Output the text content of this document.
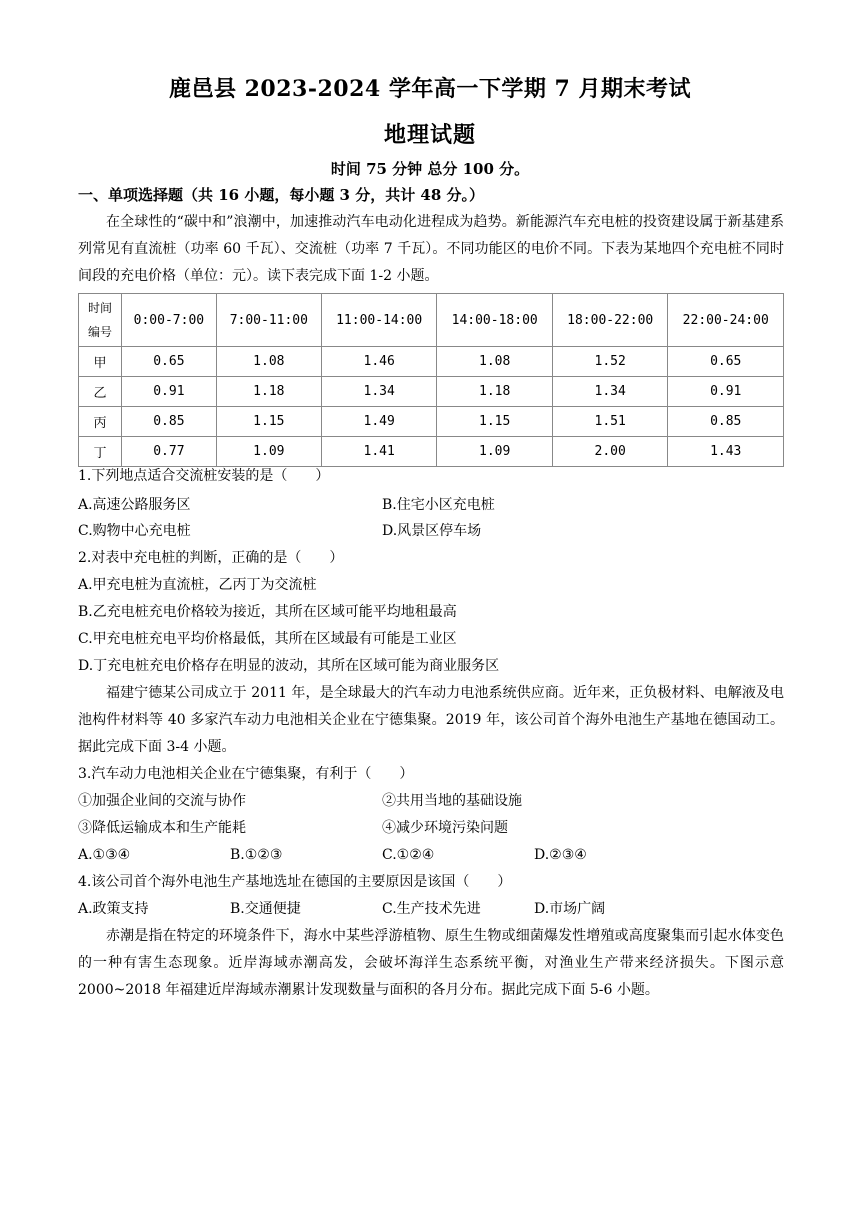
鹿邑县 2023-2024 学年高一下学期 7 月期末考试
地理试题
时间 75 分钟 总分 100 分。
一、单项选择题（共 16 小题，每小题 3 分，共计 48 分。）
在全球性的“碳中和”浪潮中，加速推动汽车电动化进程成为趋势。新能源汽车充电桩的投资建设属于新基建系列常见有直流桩（功率 60 千瓦）、交流桩（功率 7 千瓦）。不同功能区的电价不同。下表为某地四个充电桩不同时间段的充电价格（单位：元）。读下表完成下面 1-2 小题。
时间
编号	0:00-7:00	7:00-11:00	11:00-14:00	14:00-18:00	18:00-22:00	22:00-24:00
甲	0.65	1.08	1.46	1.08	1.52	0.65
乙	0.91	1.18	1.34	1.18	1.34	0.91
丙	0.85	1.15	1.49	1.15	1.51	0.85
丁	0.77	1.09	1.41	1.09	2.00	1.43
1.下列地点适合交流桩安装的是（　　）
A.高速公路服务区	B.住宅小区充电桩
C.购物中心充电桩	D.风景区停车场
2.对表中充电桩的判断，正确的是（　　）
A.甲充电桩为直流桩，乙丙丁为交流桩
B.乙充电桩充电价格较为接近，其所在区域可能平均地租最高
C.甲充电桩充电平均价格最低，其所在区域最有可能是工业区
D.丁充电桩充电价格存在明显的波动，其所在区域可能为商业服务区
福建宁德某公司成立于 2011 年，是全球最大的汽车动力电池系统供应商。近年来，正负极材料、电解液及电池构件材料等 40 多家汽车动力电池相关企业在宁德集聚。2019 年，该公司首个海外电池生产基地在德国动工。据此完成下面 3-4 小题。
3.汽车动力电池相关企业在宁德集聚，有利于（　　）
①加强企业间的交流与协作	②共用当地的基础设施
③降低运输成本和生产能耗	④减少环境污染问题
A.①③④	B.①②③	C.①②④	D.②③④
4.该公司首个海外电池生产基地选址在德国的主要原因是该国（　　）
A.政策支持	B.交通便捷	C.生产技术先进	D.市场广阔
赤潮是指在特定的环境条件下，海水中某些浮游植物、原生生物或细菌爆发性增殖或高度聚集而引起水体变色的一种有害生态现象。近岸海域赤潮高发，会破坏海洋生态系统平衡，对渔业生产带来经济损失。下图示意 2000~2018 年福建近岸海域赤潮累计发现数量与面积的各月分布。据此完成下面 5-6 小题。
